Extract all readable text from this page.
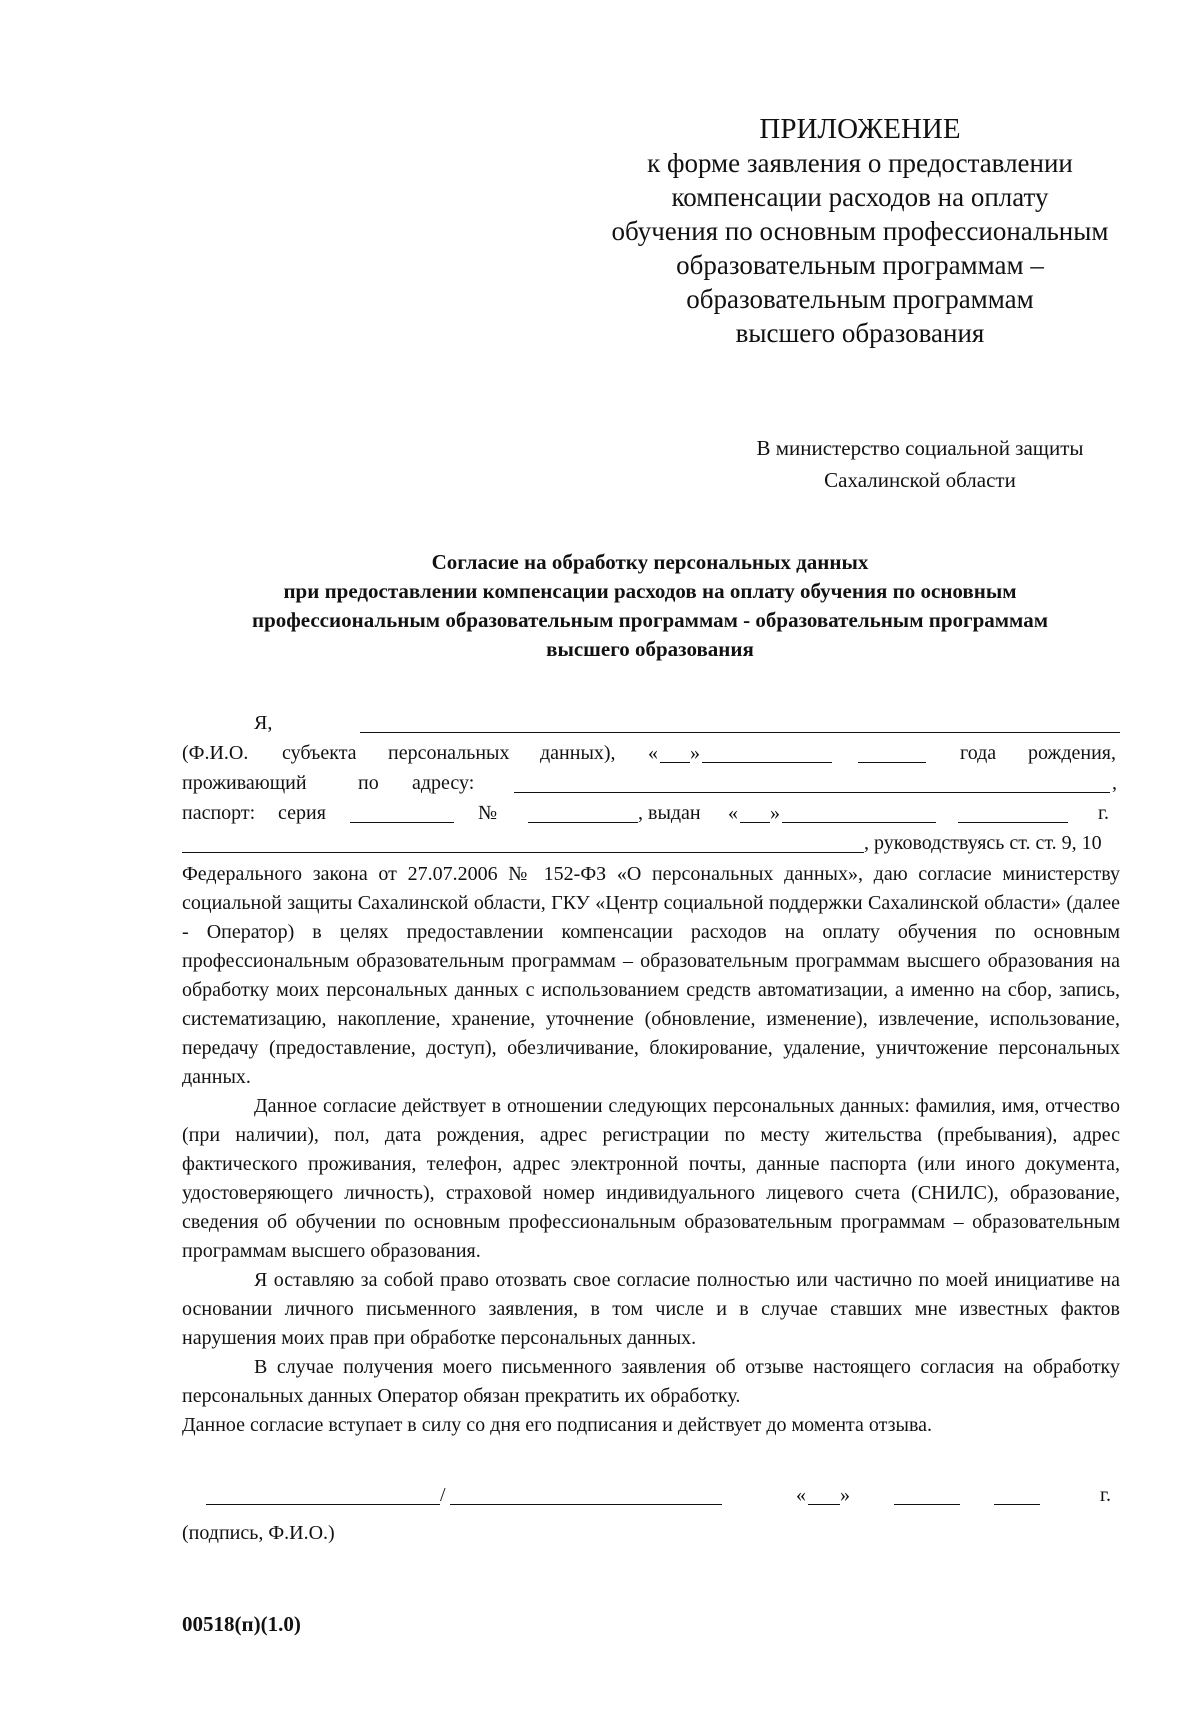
ПРИЛОЖЕНИЕ
к форме заявления о предоставлении
компенсации расходов на оплату
обучения по основным профессиональным
образовательным программам –
образовательным программам
высшего образования
В министерство социальной защиты
Сахалинской области
Согласие на обработку персональных данных
при предоставлении компенсации расходов на оплату обучения по основным
профессиональным образовательным программам - образовательным программам
высшего образования
Я,
(Ф.И.О. субъекта персональных данных), « »	года рождения,
проживающий	по адресу:	,
паспорт: серия	№	, выдан « »	г.
, руководствуясь ст. ст. 9, 10

Федерального закона от 27.07.2006 № 152-ФЗ «О персональных данных», даю согласие министерству социальной защиты Сахалинской области, ГКУ «Центр социальной поддержки Сахалинской области» (далее - Оператор) в целях предоставлении компенсации расходов на оплату обучения по основным профессиональным образовательным программам – образовательным программам высшего образования на обработку моих персональных данных с использованием средств автоматизации, а именно на сбор, запись, систематизацию, накопление, хранение, уточнение (обновление, изменение), извлечение, использование, передачу (предоставление, доступ), обезличивание, блокирование, удаление, уничтожение персональных данных.

Данное согласие действует в отношении следующих персональных данных: фамилия, имя, отчество (при наличии), пол, дата рождения, адрес регистрации по месту жительства (пребывания), адрес фактического проживания, телефон, адрес электронной почты, данные паспорта (или иного документа, удостоверяющего личность), страховой номер индивидуального лицевого счета (СНИЛС), образование, сведения об обучении по основным профессиональным образовательным программам – образовательным программам высшего образования.

Я оставляю за собой право отозвать свое согласие полностью или частично по моей инициативе на основании личного письменного заявления, в том числе и в случае ставших мне известных фактов нарушения моих прав при обработке персональных данных.

В случае получения моего письменного заявления об отзыве настоящего согласия на обработку персональных данных Оператор обязан прекратить их обработку.

Данное согласие вступает в силу со дня его подписания и действует до момента отзыва.

/	« »	г.
(подпись, Ф.И.О.)
00518(п)(1.0)
